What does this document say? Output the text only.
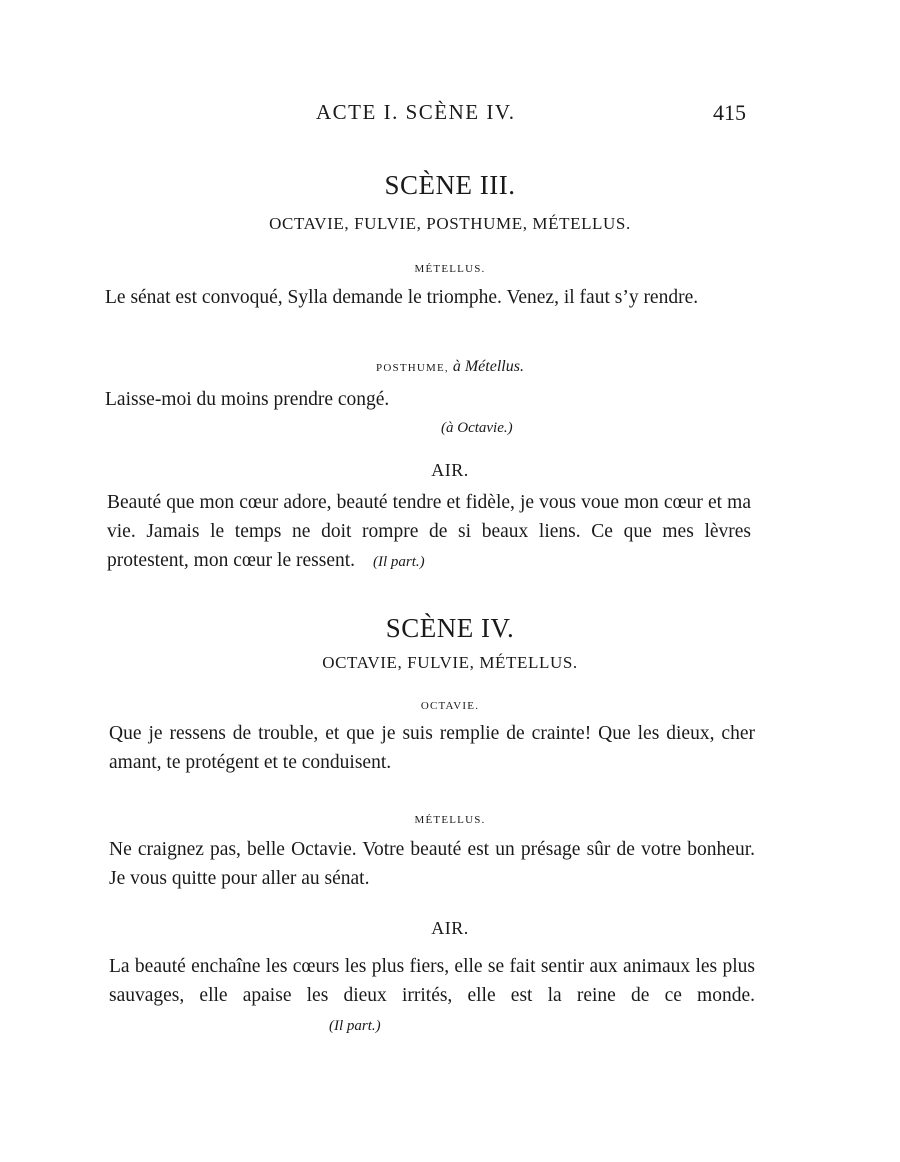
ACTE I. SCÈNE IV.	415
SCÈNE III.
OCTAVIE, FULVIE, POSTHUME, MÉTELLUS.
MÉTELLUS.
Le sénat est convoqué, Sylla demande le triomphe. Venez, il faut s’y rendre.
POSTHUME, à Métellus.
Laisse-moi du moins prendre congé.
(à Octavie.)
AIR.
Beauté que mon cœur adore, beauté tendre et fidèle, je vous voue mon cœur et ma vie. Jamais le temps ne doit rompre de si beaux liens. Ce que mes lèvres protestent, mon cœur le ressent. (Il part.)
SCÈNE IV.
OCTAVIE, FULVIE, MÉTELLUS.
OCTAVIE.
Que je ressens de trouble, et que je suis remplie de crainte! Que les dieux, cher amant, te protégent et te conduisent.
MÉTELLUS.
Ne craignez pas, belle Octavie. Votre beauté est un présage sûr de votre bonheur. Je vous quitte pour aller au sénat.
AIR.
La beauté enchaîne les cœurs les plus fiers, elle se fait sentir aux animaux les plus sauvages, elle apaise les dieux irrités, elle est la reine de ce monde.(Il part.)
